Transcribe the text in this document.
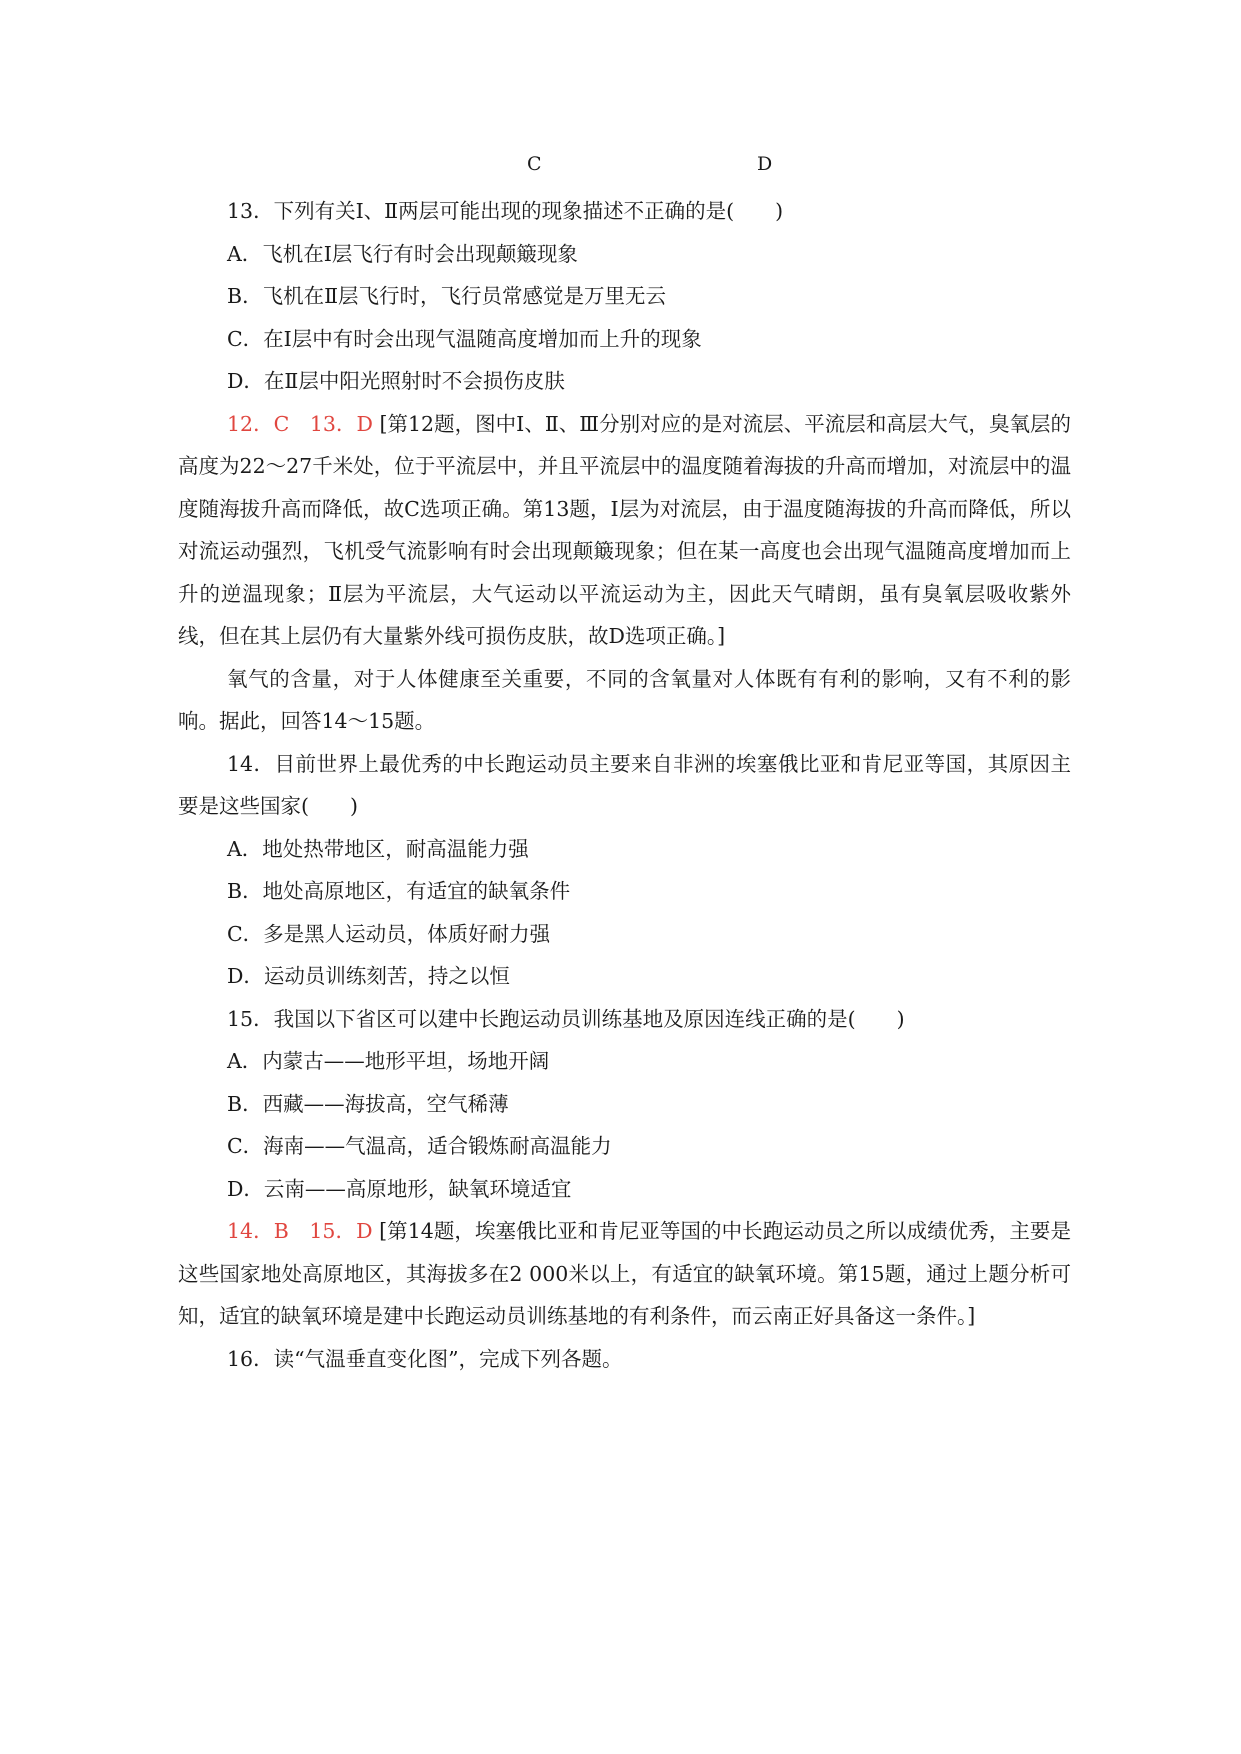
C	D

13．下列有关Ⅰ、Ⅱ两层可能出现的现象描述不正确的是(　　)

A．飞机在Ⅰ层飞行有时会出现颠簸现象

B．飞机在Ⅱ层飞行时，飞行员常感觉是万里无云

C．在Ⅰ层中有时会出现气温随高度增加而上升的现象

D．在Ⅱ层中阳光照射时不会损伤皮肤

12．C　13．D [第12题，图中Ⅰ、Ⅱ、Ⅲ分别对应的是对流层、平流层和高层大气，臭氧层的高度为22～27千米处，位于平流层中，并且平流层中的温度随着海拔的升高而增加，对流层中的温度随海拔升高而降低，故C选项正确。第13题，Ⅰ层为对流层，由于温度随海拔的升高而降低，所以对流运动强烈，飞机受气流影响有时会出现颠簸现象；但在某一高度也会出现气温随高度增加而上升的逆温现象；Ⅱ层为平流层，大气运动以平流运动为主，因此天气晴朗，虽有臭氧层吸收紫外线，但在其上层仍有大量紫外线可损伤皮肤，故D选项正确。]

氧气的含量，对于人体健康至关重要，不同的含氧量对人体既有有利的影响，又有不利的影响。据此，回答14～15题。

14．目前世界上最优秀的中长跑运动员主要来自非洲的埃塞俄比亚和肯尼亚等国，其原因主要是这些国家(　　)

A．地处热带地区，耐高温能力强

B．地处高原地区，有适宜的缺氧条件

C．多是黑人运动员，体质好耐力强

D．运动员训练刻苦，持之以恒

15．我国以下省区可以建中长跑运动员训练基地及原因连线正确的是(　　)

A．内蒙古——地形平坦，场地开阔

B．西藏——海拔高，空气稀薄

C．海南——气温高，适合锻炼耐高温能力

D．云南——高原地形，缺氧环境适宜

14．B　15．D [第14题，埃塞俄比亚和肯尼亚等国的中长跑运动员之所以成绩优秀，主要是这些国家地处高原地区，其海拔多在2 000米以上，有适宜的缺氧环境。第15题，通过上题分析可知，适宜的缺氧环境是建中长跑运动员训练基地的有利条件，而云南正好具备这一条件。]

16．读“气温垂直变化图”，完成下列各题。
